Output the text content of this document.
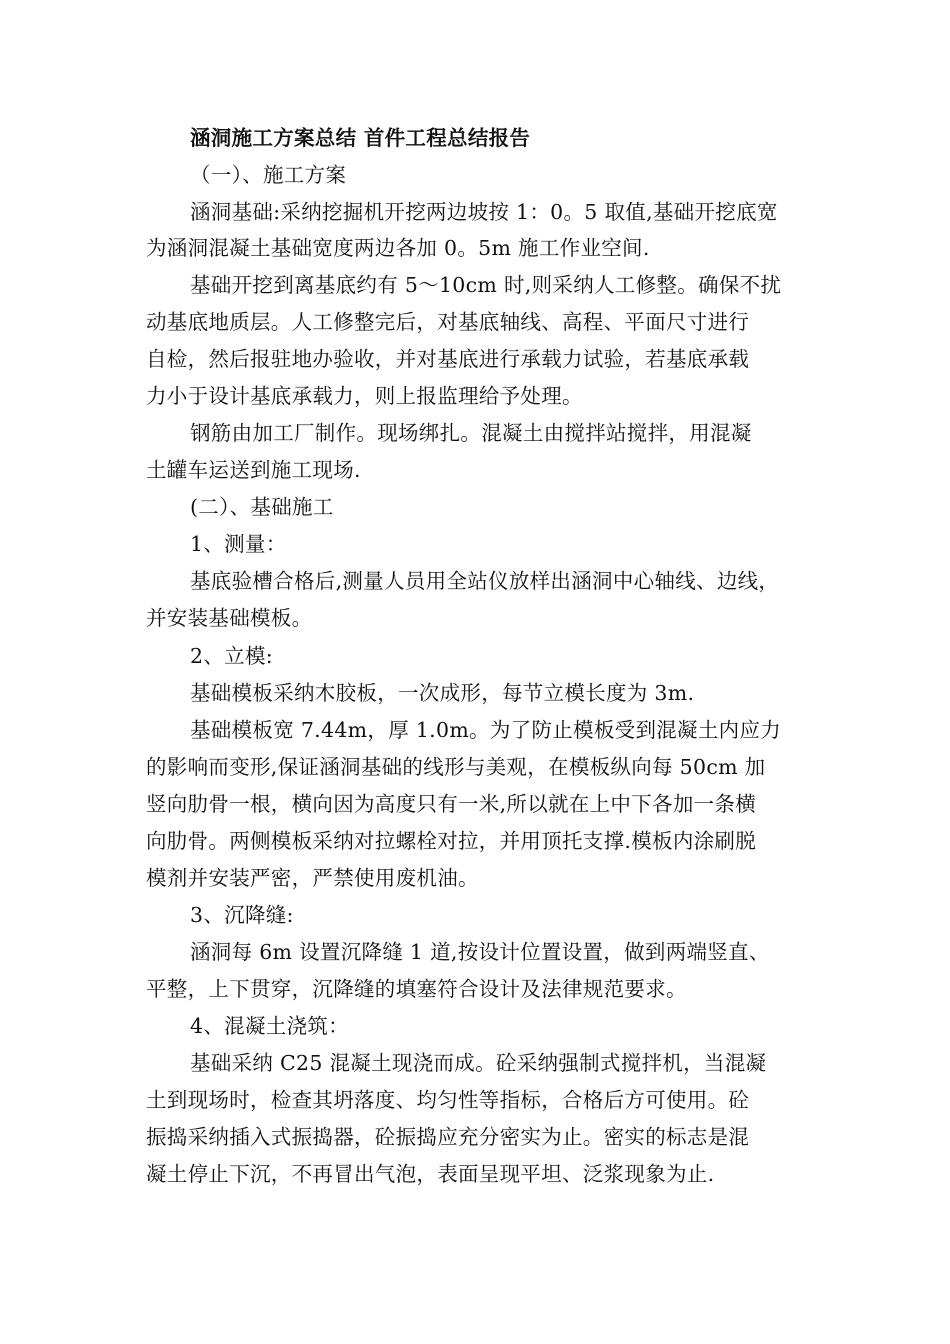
涵洞施工方案总结 首件工程总结报告
（一）、施工方案
涵洞基础:采纳挖掘机开挖两边坡按 1：0。5 取值,基础开挖底宽
为涵洞混凝土基础宽度两边各加 0。5m 施工作业空间.
基础开挖到离基底约有 5～10cm 时,则采纳人工修整。确保不扰
动基底地质层。人工修整完后，对基底轴线、高程、平面尺寸进行
自检，然后报驻地办验收，并对基底进行承载力试验，若基底承载
力小于设计基底承载力，则上报监理给予处理。
钢筋由加工厂制作。现场绑扎。混凝土由搅拌站搅拌，用混凝
土罐车运送到施工现场.
(二）、基础施工
1、测量：
基底验槽合格后,测量人员用全站仪放样出涵洞中心轴线、边线，
并安装基础模板。
2、立模:
基础模板采纳木胶板，一次成形，每节立模长度为 3m.
基础模板宽 7.44m，厚 1.0m。为了防止模板受到混凝土内应力
的影响而变形,保证涵洞基础的线形与美观，在模板纵向每 50cm 加
竖向肋骨一根，横向因为高度只有一米,所以就在上中下各加一条横
向肋骨。两侧模板采纳对拉螺栓对拉，并用顶托支撑.模板内涂刷脱
模剂并安装严密，严禁使用废机油。
3、沉降缝:
涵洞每 6m 设置沉降缝 1 道,按设计位置设置，做到两端竖直、
平整，上下贯穿，沉降缝的填塞符合设计及法律规范要求。
4、混凝土浇筑：
基础采纳 C25 混凝土现浇而成。砼采纳强制式搅拌机，当混凝
土到现场时，检查其坍落度、均匀性等指标，合格后方可使用。砼
振捣采纳插入式振捣器，砼振捣应充分密实为止。密实的标志是混
凝土停止下沉，不再冒出气泡，表面呈现平坦、泛浆现象为止.
